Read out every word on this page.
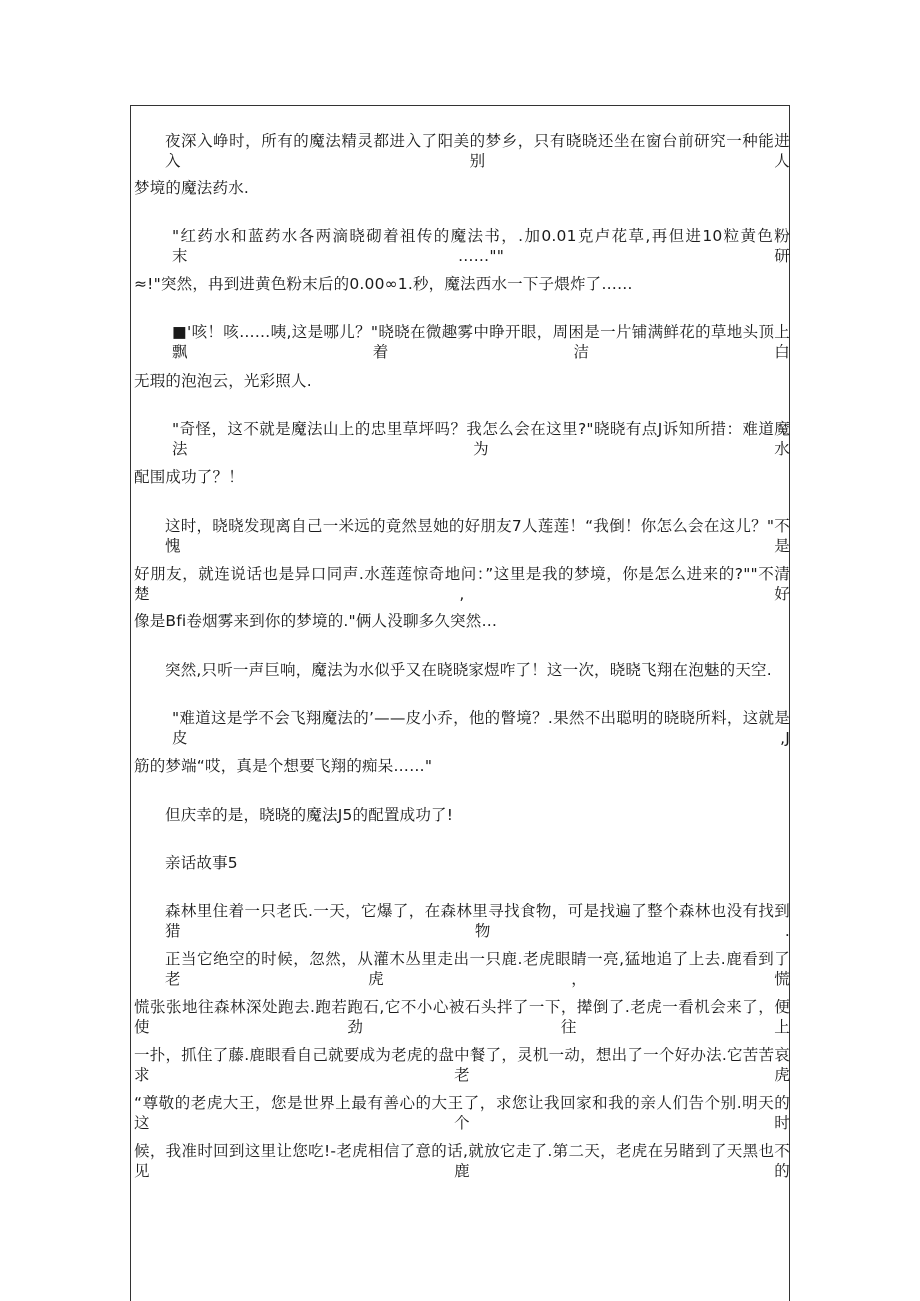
夜深入峥时，所有的魔法精灵都进入了阳美的梦乡，只有晓晓还坐在窗台前研究一种能进入别人
梦境的魔法药水.
"红药水和蓝药水各两滴晓砌着祖传的魔法书，.加0.01克卢花草,再但进10粒黄色粉末……""研
≈!"突然，冉到进黄色粉末后的0.00∞1.秒，魔法西水一下子煨炸了……
■'咳！咳……咦,这是哪儿？"晓晓在微趣雾中睁开眼，周困是一片铺满鲜花的草地头顶上飘着洁白
无瑕的泡泡云，光彩照人.
"奇怪，这不就是魔法山上的忠里草坪吗？我怎么会在这里?"晓晓有点J诉知所措：难道魔法为水
配围成功了？！
这时，晓晓发现离自己一米远的竟然昱她的好朋友7人莲莲！“我倒！你怎么会在这儿？"不愧是
好朋友，就连说话也是异口同声.水莲莲惊奇地问：”这里是我的梦境，你是怎么进来的?""不清楚,好
像是Bfi卷烟雾来到你的梦境的."俩人没聊多久突然…
突然,只听一声巨响，魔法为水似乎又在晓晓家煜咋了！这一次，晓晓飞翔在泡魅的天空.
"难道这是学不会飞翔魔法的’——皮小乔，他的瞥境？.果然不出聪明的晓晓所料，这就是皮,J
筋的梦端“哎，真是个想要飞翔的痴呆……"
但庆幸的是，晓晓的魔法J5的配置成功了!
亲话故事5
森林里住着一只老氏.一天，它爆了，在森林里寻找食物，可是找遍了整个森林也没有找到猎物.
正当它绝空的时候，忽然，从灌木丛里走出一只鹿.老虎眼睛一亮,猛地追了上去.鹿看到了老虎，慌
慌张张地往森林深处跑去.跑若跑石,它不小心被石头拌了一下，撵倒了.老虎一看机会来了，便使劲往上
一扑，抓住了藤.鹿眼看自己就要成为老虎的盘中餐了，灵机一动，想出了一个好办法.它苦苦哀求老虎
“尊敬的老虎大王，您是世界上最有善心的大王了，求您让我回家和我的亲人们告个别.明天的这个时
候，我准时回到这里让您吃!-老虎相信了意的话,就放它走了.第二天，老虎在另睹到了天黑也不见鹿的
